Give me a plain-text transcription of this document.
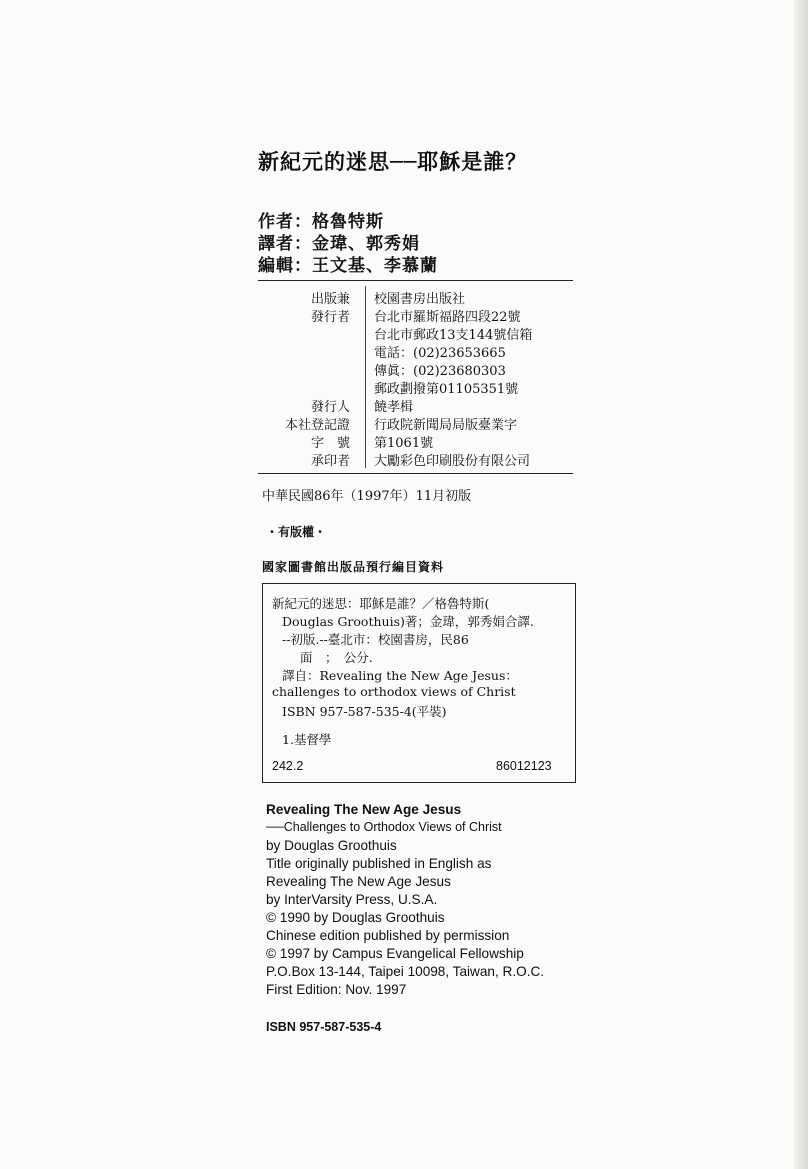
新紀元的迷思──耶穌是誰？
作者：格魯特斯
譯者：金瑋、郭秀娟
編輯：王文基、李慕蘭
出版兼 校園書房出版社
發行者 台北市羅斯福路四段22號
台北市郵政13支144號信箱
電話：(02)23653665
傳眞：(02)23680303
郵政劃撥第01105351號
發行人 饒孝楫
本社登記證 行政院新聞局局版臺業字
字　號 第1061號
承印者 大勵彩色印刷股份有限公司
中華民國86年（1997年）11月初版
・有版權・
國家圖書館出版品預行編目資料
新紀元的迷思：耶穌是誰？／格魯特斯(
Douglas Groothuis)著；金瑋，郭秀娟合譯.
--初版.--臺北市：校園書房，民86
面　；　公分.
譯自：Revealing the New Age Jesus：
challenges to orthodox views of Christ
ISBN 957-587-535-4(平裝)
1.基督學
242.2	86012123
Revealing The New Age Jesus
──Challenges to Orthodox Views of Christ
by Douglas Groothuis
Title originally published in English as
Revealing The New Age Jesus
by InterVarsity Press, U.S.A.
© 1990 by Douglas Groothuis
Chinese edition published by permission
© 1997 by Campus Evangelical Fellowship
P.O.Box 13-144, Taipei 10098, Taiwan, R.O.C.
First Edition: Nov. 1997
ISBN 957-587-535-4
